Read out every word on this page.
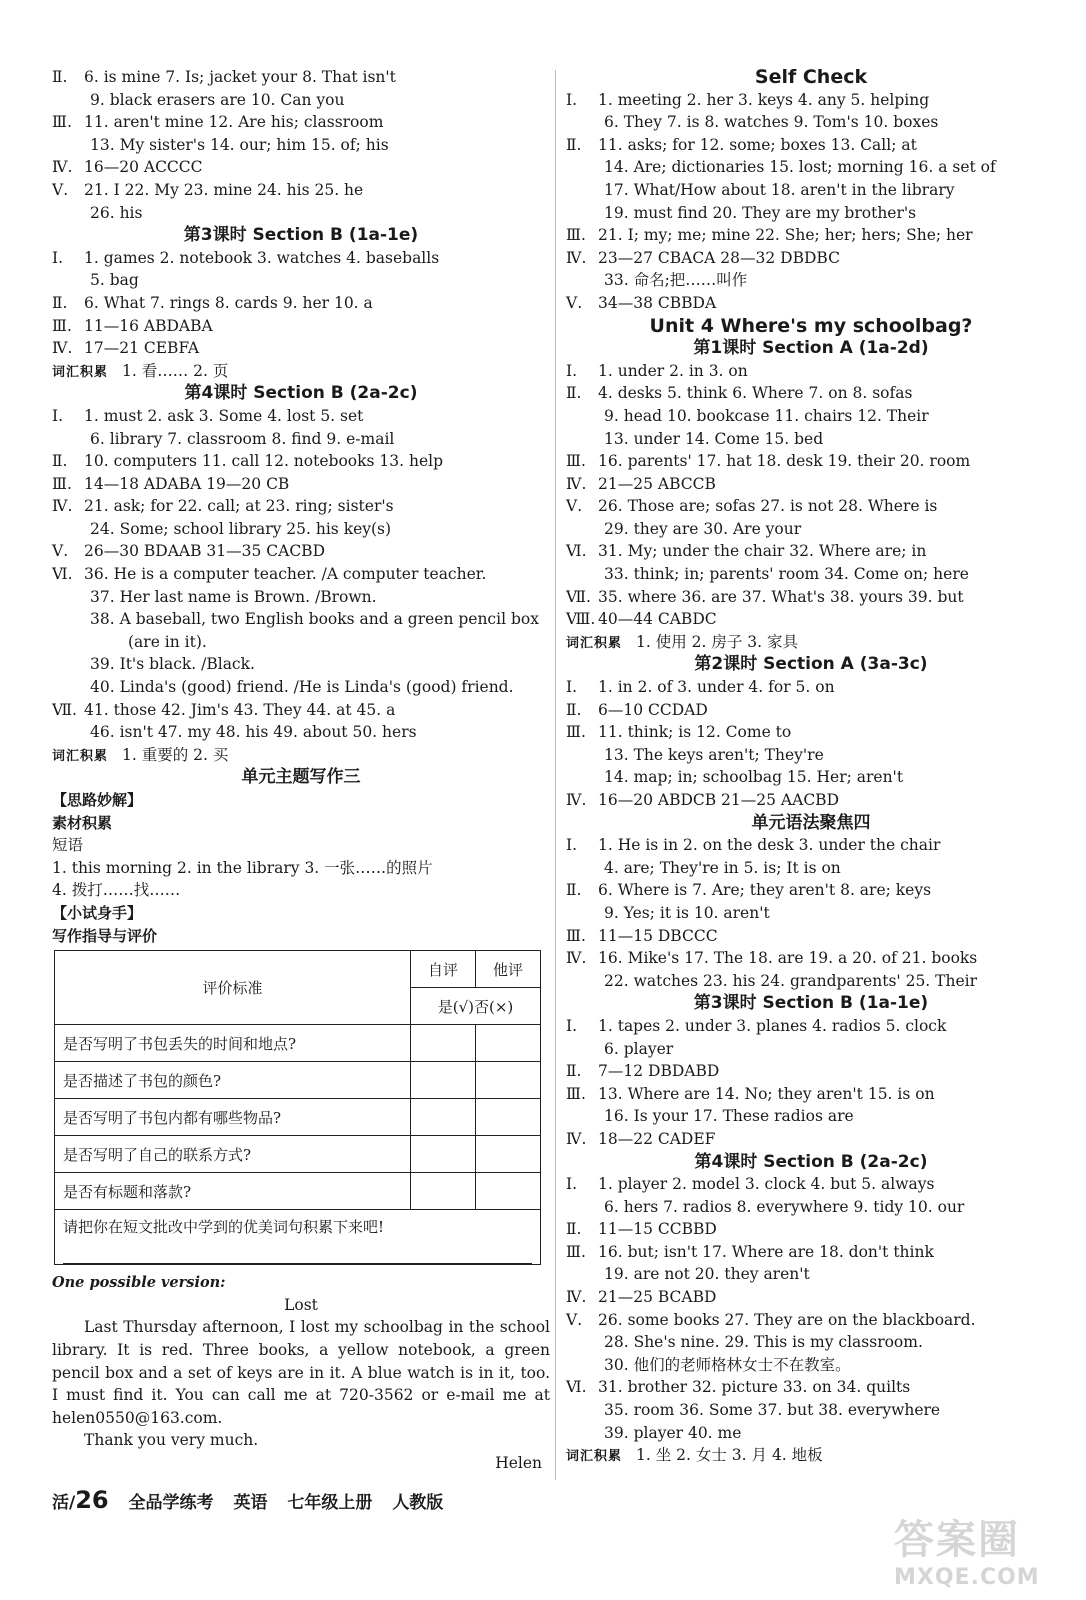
Ⅱ. 6. is mine 7. Is; jacket your 8. That isn't
9. black erasers are 10. Can you
Ⅲ. 11. aren't mine 12. Are his; classroom
13. My sister's 14. our; him 15. of; his
Ⅳ. 16—20 ACCCC
Ⅴ. 21. I 22. My 23. mine 24. his 25. he
26. his
第3课时 Section B (1a-1e)
Ⅰ. 1. games 2. notebook 3. watches 4. baseballs
5. bag
Ⅱ. 6. What 7. rings 8. cards 9. her 10. a
Ⅲ. 11—16 ABDABA
Ⅳ. 17—21 CEBFA
词汇积累 1. 看…… 2. 页
第4课时 Section B (2a-2c)
Ⅰ. 1. must 2. ask 3. Some 4. lost 5. set
6. library 7. classroom 8. find 9. e-mail
Ⅱ. 10. computers 11. call 12. notebooks 13. help
Ⅲ. 14—18 ADABA 19—20 CB
Ⅳ. 21. ask; for 22. call; at 23. ring; sister's
24. Some; school library 25. his key(s)
Ⅴ. 26—30 BDAAB 31—35 CACBD
Ⅵ. 36. He is a computer teacher. /A computer teacher.
37. Her last name is Brown. /Brown.
38. A baseball, two English books and a green pencil box
(are in it).
39. It's black. /Black.
40. Linda's (good) friend. /He is Linda's (good) friend.
Ⅶ. 41. those 42. Jim's 43. They 44. at 45. a
46. isn't 47. my 48. his 49. about 50. hers
词汇积累 1. 重要的 2. 买
单元主题写作三
【思路妙解】
素材积累
短语
1. this morning 2. in the library 3. 一张……的照片
4. 拨打……找……
【小试身手】
写作指导与评价
评价标准	自评	他评
	是(√)否(×)	
是否写明了书包丢失的时间和地点?		
是否描述了书包的颜色?		
是否写明了书包内都有哪些物品?		
是否写明了自己的联系方式?		
是否有标题和落款?		

请把你在短文批改中学到的优美词句积累下来吧!		
One possible version:
Lost

Last Thursday afternoon, I lost my schoolbag in the school library. It is red. Three books, a yellow notebook, a green pencil box and a set of keys are in it. A blue watch is in it, too. I must find it. You can call me at 720-3562 or e-mail me at helen0550@163.com.

Thank you very much.
Helen
Self Check
Ⅰ. 1. meeting 2. her 3. keys 4. any 5. helping
6. They 7. is 8. watches 9. Tom's 10. boxes
Ⅱ. 11. asks; for 12. some; boxes 13. Call; at
14. Are; dictionaries 15. lost; morning 16. a set of
17. What/How about 18. aren't in the library
19. must find 20. They are my brother's
Ⅲ. 21. I; my; me; mine 22. She; her; hers; She; her
Ⅳ. 23—27 CBACA 28—32 DBDBC
33. 命名;把……叫作
Ⅴ. 34—38 CBBDA
Unit 4 Where's my schoolbag?
第1课时 Section A (1a-2d)
Ⅰ. 1. under 2. in 3. on
Ⅱ. 4. desks 5. think 6. Where 7. on 8. sofas
9. head 10. bookcase 11. chairs 12. Their
13. under 14. Come 15. bed
Ⅲ. 16. parents' 17. hat 18. desk 19. their 20. room
Ⅳ. 21—25 ABCCB
Ⅴ. 26. Those are; sofas 27. is not 28. Where is
29. they are 30. Are your
Ⅵ. 31. My; under the chair 32. Where are; in
33. think; in; parents' room 34. Come on; here
Ⅶ. 35. where 36. are 37. What's 38. yours 39. but
Ⅷ. 40—44 CABDC
词汇积累 1. 使用 2. 房子 3. 家具
第2课时 Section A (3a-3c)
Ⅰ. 1. in 2. of 3. under 4. for 5. on
Ⅱ. 6—10 CCDAD
Ⅲ. 11. think; is 12. Come to
13. The keys aren't; They're
14. map; in; schoolbag 15. Her; aren't
Ⅳ. 16—20 ABDCB 21—25 AACBD
单元语法聚焦四
Ⅰ. 1. He is in 2. on the desk 3. under the chair
4. are; They're in 5. is; It is on
Ⅱ. 6. Where is 7. Are; they aren't 8. are; keys
9. Yes; it is 10. aren't
Ⅲ. 11—15 DBCCC
Ⅳ. 16. Mike's 17. The 18. are 19. a 20. of 21. books
22. watches 23. his 24. grandparents' 25. Their
第3课时 Section B (1a-1e)
Ⅰ. 1. tapes 2. under 3. planes 4. radios 5. clock
6. player
Ⅱ. 7—12 DBDABD
Ⅲ. 13. Where are 14. No; they aren't 15. is on
16. Is your 17. These radios are
Ⅳ. 18—22 CADEF
第4课时 Section B (2a-2c)
Ⅰ. 1. player 2. model 3. clock 4. but 5. always
6. hers 7. radios 8. everywhere 9. tidy 10. our
Ⅱ. 11—15 CCBBD
Ⅲ. 16. but; isn't 17. Where are 18. don't think
19. are not 20. they aren't
Ⅳ. 21—25 BCABD
Ⅴ. 26. some books 27. They are on the blackboard.
28. She's nine. 29. This is my classroom.
30. 他们的老师格林女士不在教室。
Ⅵ. 31. brother 32. picture 33. on 34. quilts
35. room 36. Some 37. but 38. everywhere
39. player 40. me
词汇积累 1. 坐 2. 女士 3. 月 4. 地板
活/26 全品学练考 英语 七年级上册 人教版
答案圈
MXQE.COM
